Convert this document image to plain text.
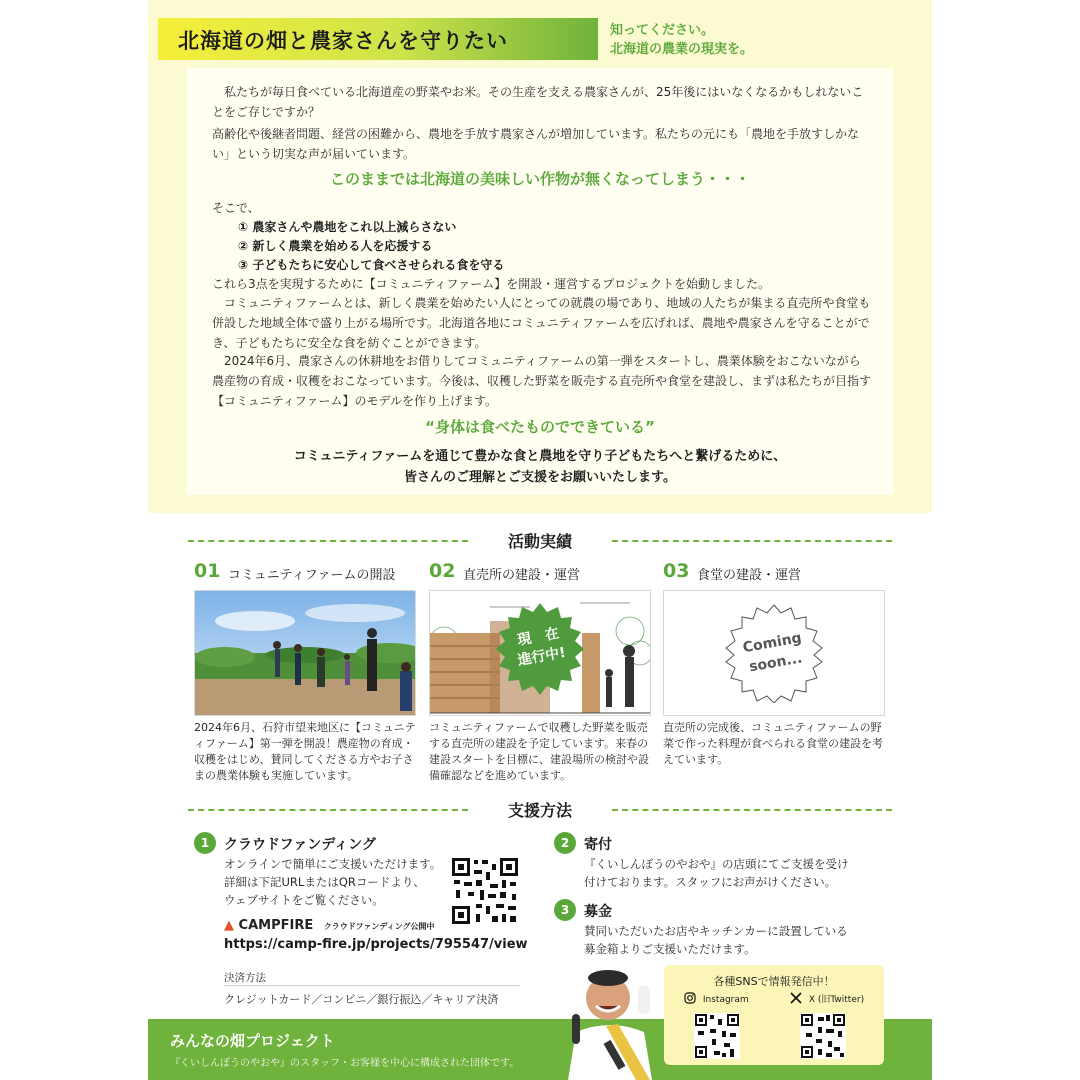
北海道の畑と農家さんを守りたい	知ってください。
北海道の農業の現実を。

　私たちが毎日食べている北海道産の野菜やお米。その生産を支える農家さんが、25年後にはいなくなるかもしれないことをご存じですか？

高齢化や後継者問題、経営の困難から、農地を手放す農家さんが増加しています。私たちの元にも「農地を手放すしかない」という切実な声が届いています。

このままでは北海道の美味しい作物が無くなってしまう・・・

そこで、

① 農家さんや農地をこれ以上減らさない
② 新しく農業を始める人を応援する
③ 子どもたちに安心して食べさせられる食を守る

これら3点を実現するために【コミュニティファーム】を開設・運営するプロジェクトを始動しました。

　コミュニティファームとは、新しく農業を始めたい人にとっての就農の場であり、地域の人たちが集まる直売所や食堂も併設した地域全体で盛り上がる場所です。北海道各地にコミュニティファームを広げれば、農地や農家さんを守ることができ、子どもたちに安全な食を紡ぐことができます。

　2024年6月、農家さんの休耕地をお借りしてコミュニティファームの第一弾をスタートし、農業体験をおこないながら農産物の育成・収穫をおこなっています。今後は、収穫した野菜を販売する直売所や食堂を建設し、まずは私たちが目指す【コミュニティファーム】のモデルを作り上げます。

“身体は食べたものでできている”
コミュニティファームを通じて豊かな食と農地を守り子どもたちへと繋げるために、
皆さんのご理解とご支援をお願いいたします。
活動実績
01 コミュニティファームの開設
2024年6月、石狩市望来地区に【コミュニティファーム】第一弾を開設！農産物の育成・収穫をはじめ、賛同してくださる方やお子さまの農業体験も実施しています。
02 直売所の建設・運営
現　在
進行中!
コミュニティファームで収穫した野菜を販売する直売所の建設を予定しています。来春の建設スタートを目標に、建設場所の検討や設備確認などを進めています。
03 食堂の建設・運営
Coming
soon...
直売所の完成後、コミュニティファームの野菜で作った料理が食べられる食堂の建設を考えています。
支援方法
1	クラウドファンディング
オンラインで簡単にご支援いただけます。
詳細は下記URLまたはQRコードより、
ウェブサイトをご覧ください。
▲ CAMPFIRE クラウドファンディング公開中
https://camp-fire.jp/projects/795547/view
決済方法
クレジットカード／コンビニ／銀行振込／キャリア決済
2	寄付
『くいしんぼうのやおや』の店頭にてご支援を受け
付けております。スタッフにお声がけください。
3	募金
賛同いただいたお店やキッチンカーに設置している
募金箱よりご支援いただけます。
みんなの畑プロジェクト
『くいしんぼうのやおや』のスタッフ・お客様を中心に構成された団体です。
各種SNSで情報発信中！
Instagram	X (旧Twitter)
